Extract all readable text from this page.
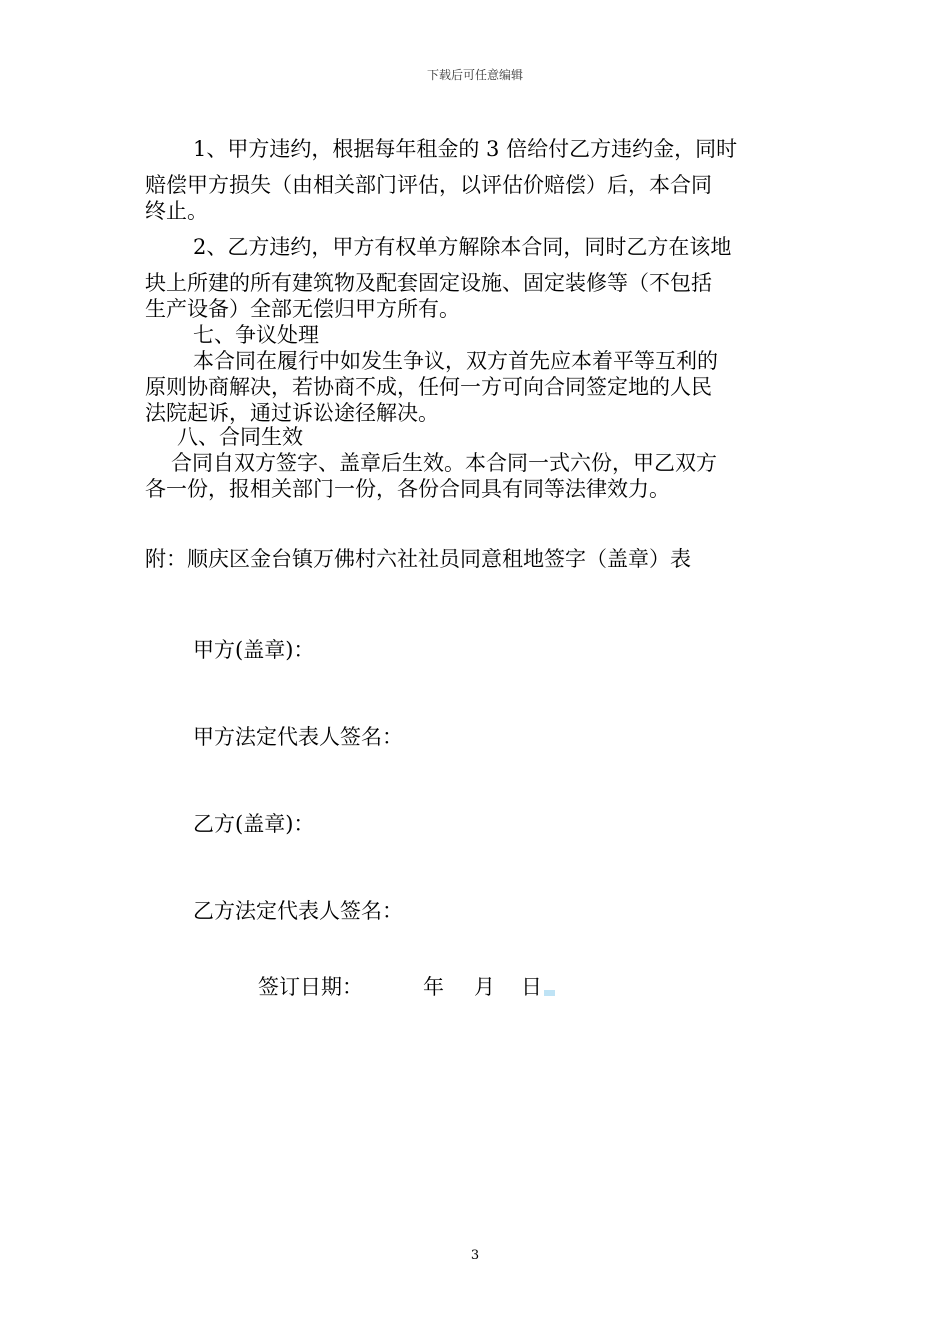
下载后可任意编辑

1、甲方违约，根据每年租金的 3 倍给付乙方违约金，同时

赔偿甲方损失（由相关部门评估，以评估价赔偿）后，本合同

终止。

2、乙方违约，甲方有权单方解除本合同，同时乙方在该地

块上所建的所有建筑物及配套固定设施、固定装修等（不包括

生产设备）全部无偿归甲方所有。

七、争议处理

本合同在履行中如发生争议，双方首先应本着平等互利的

原则协商解决，若协商不成，任何一方可向合同签定地的人民

法院起诉，通过诉讼途径解决。

八、合同生效

合同自双方签字、盖章后生效。本合同一式六份，甲乙双方

各一份，报相关部门一份，各份合同具有同等法律效力。

附：顺庆区金台镇万佛村六社社员同意租地签字（盖章）表
甲方(盖章)：
甲方法定代表人签名：
乙方(盖章)：
乙方法定代表人签名：
签订日期：	年 月 日
3
